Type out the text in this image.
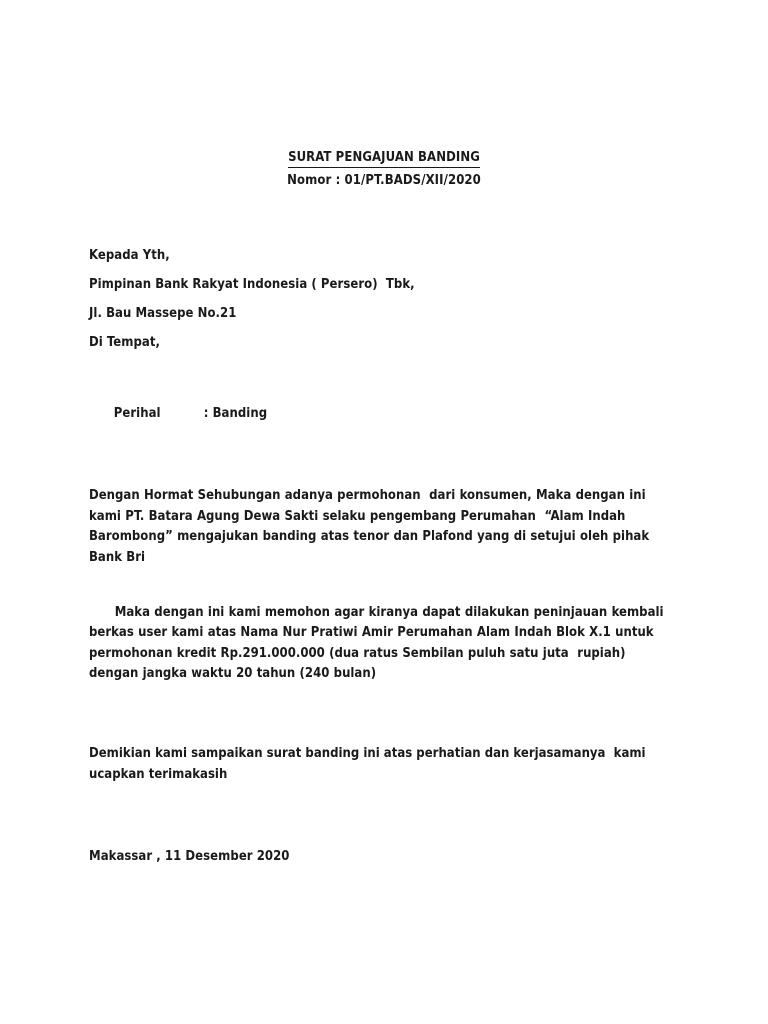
SURAT PENGAJUAN BANDING
Nomor : 01/PT.BADS/XII/2020
Kepada Yth,
Pimpinan Bank Rakyat Indonesia ( Persero)  Tbk,
Jl. Bau Massepe No.21
Di Tempat,

Perihal	: Banding

Dengan Hormat Sehubungan adanya permohonan  dari konsumen, Maka dengan ini kami PT. Batara Agung Dewa Sakti selaku pengembang Perumahan  “Alam Indah Barombong” mengajukan banding atas tenor dan Plafond yang di setujui oleh pihak Bank Bri

Maka dengan ini kami memohon agar kiranya dapat dilakukan peninjauan kembali berkas user kami atas Nama Nur Pratiwi Amir Perumahan Alam Indah Blok X.1 untuk permohonan kredit Rp.291.000.000 (dua ratus Sembilan puluh satu juta  rupiah) dengan jangka waktu 20 tahun (240 bulan)

Demikian kami sampaikan surat banding ini atas perhatian dan kerjasamanya  kami ucapkan terimakasih
Makassar , 11 Desember 2020
